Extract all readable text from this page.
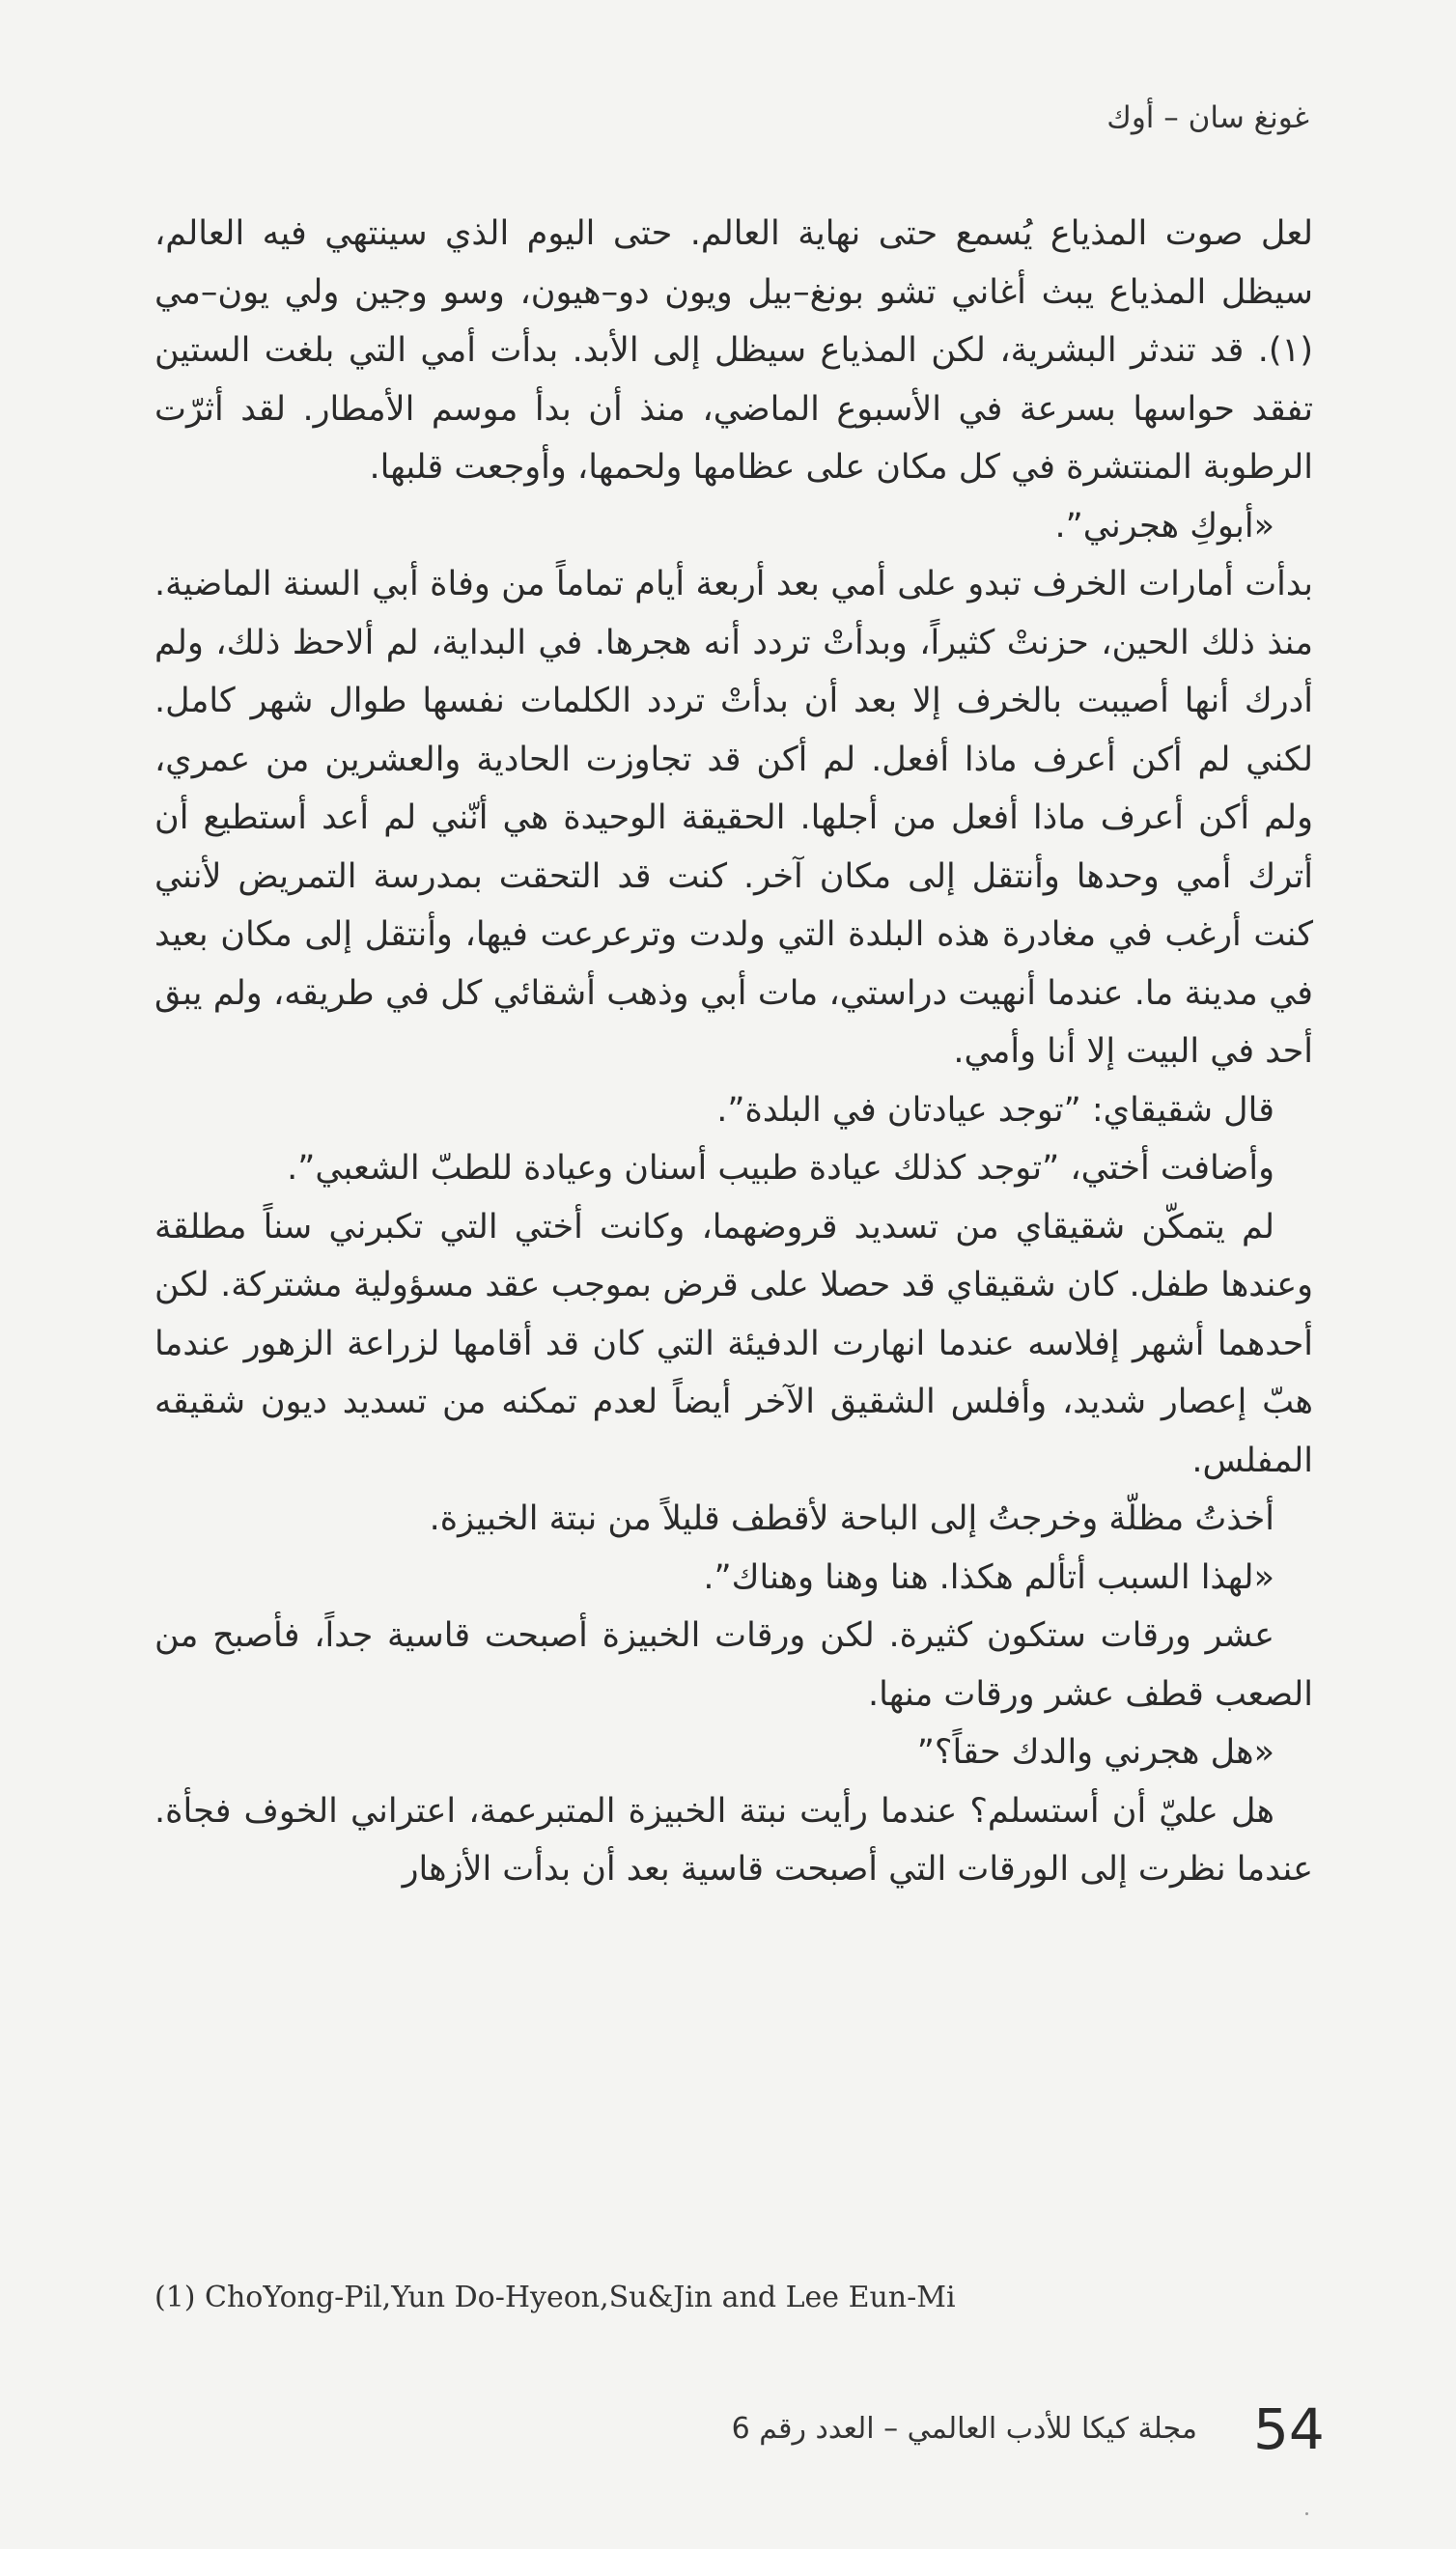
غونغ سان – أوك

لعل صوت المذياع يُسمع حتى نهاية العالم. حتى اليوم الذي سينتهي فيه العالم، سيظل المذياع يبث أغاني تشو بونغ–بيل ويون دو–هيون، وسو وجين ولي يون–مي (١). قد تندثر البشرية، لكن المذياع سيظل إلى الأبد. بدأت أمي التي بلغت الستين تفقد حواسها بسرعة في الأسبوع الماضي، منذ أن بدأ موسم الأمطار. لقد أثرّت الرطوبة المنتشرة في كل مكان على عظامها ولحمها، وأوجعت قلبها.

«أبوكِ هجرني”.

بدأت أمارات الخرف تبدو على أمي بعد أربعة أيام تماماً من وفاة أبي السنة الماضية. منذ ذلك الحين، حزنتْ كثيراً، وبدأتْ تردد أنه هجرها. في البداية، لم ألاحظ ذلك، ولم أدرك أنها أصيبت بالخرف إلا بعد أن بدأتْ تردد الكلمات نفسها طوال شهر كامل. لكني لم أكن أعرف ماذا أفعل. لم أكن قد تجاوزت الحادية والعشرين من عمري، ولم أكن أعرف ماذا أفعل من أجلها. الحقيقة الوحيدة هي أنّني لم أعد أستطيع أن أترك أمي وحدها وأنتقل إلى مكان آخر. كنت قد التحقت بمدرسة التمريض لأنني كنت أرغب في مغادرة هذه البلدة التي ولدت وترعرعت فيها، وأنتقل إلى مكان بعيد في مدينة ما. عندما أنهيت دراستي، مات أبي وذهب أشقائي كل في طريقه، ولم يبق أحد في البيت إلا أنا وأمي.

قال شقيقاي: ”توجد عيادتان في البلدة”.

وأضافت أختي، ”توجد كذلك عيادة طبيب أسنان وعيادة للطبّ الشعبي”.

لم يتمكّن شقيقاي من تسديد قروضهما، وكانت أختي التي تكبرني سناً مطلقة وعندها طفل. كان شقيقاي قد حصلا على قرض بموجب عقد مسؤولية مشتركة. لكن أحدهما أشهر إفلاسه عندما انهارت الدفيئة التي كان قد أقامها لزراعة الزهور عندما هبّ إعصار شديد، وأفلس الشقيق الآخر أيضاً لعدم تمكنه من تسديد ديون شقيقه المفلس.

أخذتُ مظلّة وخرجتُ إلى الباحة لأقطف قليلاً من نبتة الخبيزة.

«لهذا السبب أتألم هكذا. هنا وهنا وهناك”.

عشر ورقات ستكون كثيرة. لكن ورقات الخبيزة أصبحت قاسية جداً، فأصبح من الصعب قطف عشر ورقات منها.

«هل هجرني والدك حقاً؟”

هل عليّ أن أستسلم؟ عندما رأيت نبتة الخبيزة المتبرعمة، اعتراني الخوف فجأة. عندما نظرت إلى الورقات التي أصبحت قاسية بعد أن بدأت الأزهار

(1) ChoYong-Pil,Yun Do-Hyeon,Su&Jin and Lee Eun-Mi
54
مجلة كيكا للأدب العالمي – العدد رقم 6
